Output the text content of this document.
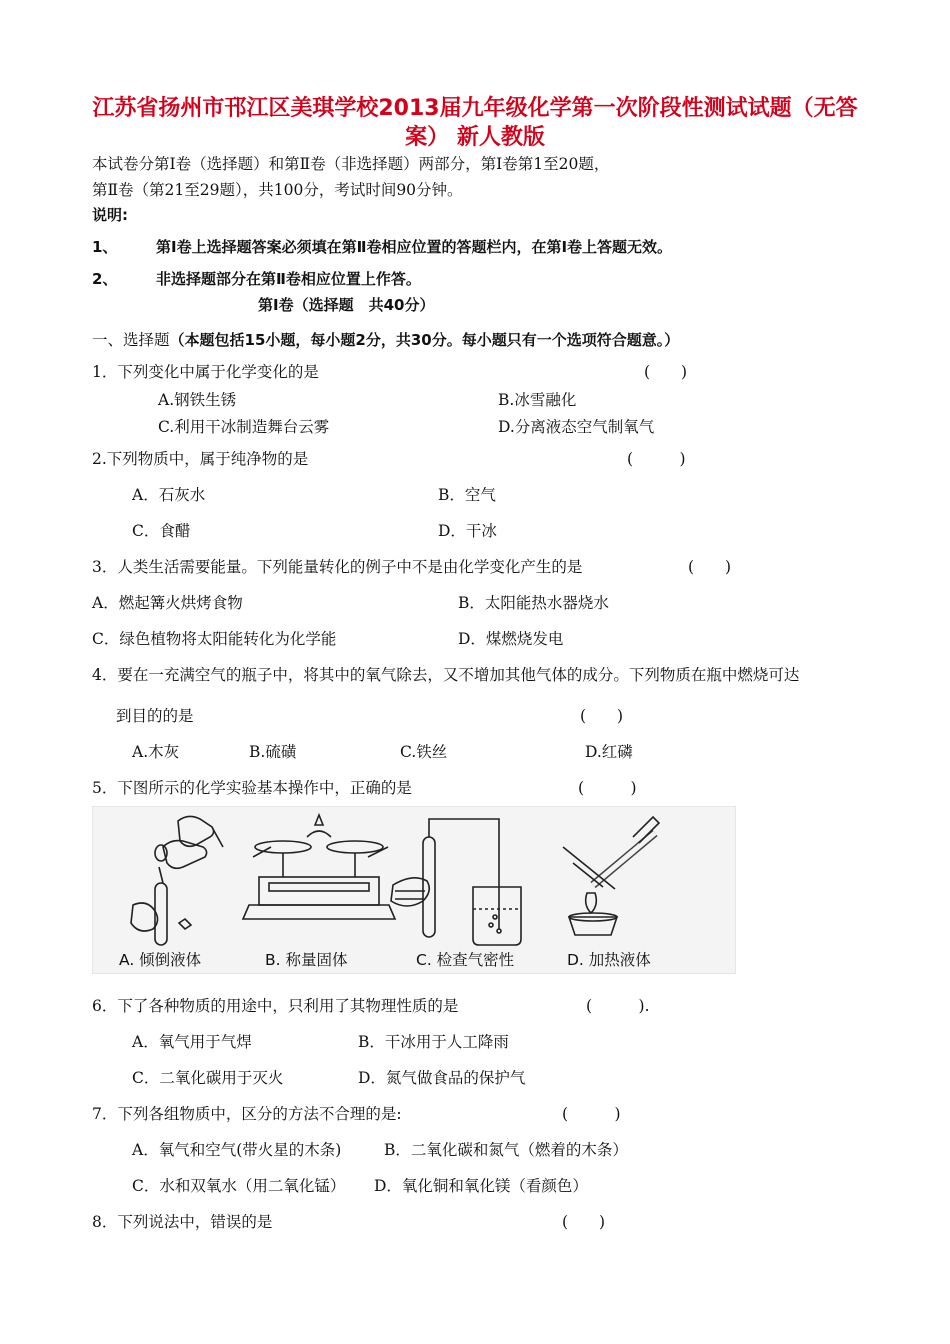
江苏省扬州市邗江区美琪学校2013届九年级化学第一次阶段性测试试题（无答
案） 新人教版
本试卷分第Ⅰ卷（选择题）和第Ⅱ卷（非选择题）两部分，第Ⅰ卷第1至20题，
第Ⅱ卷（第21至29题），共100分，考试时间90分钟。
说明:
1、	第Ⅰ卷上选择题答案必须填在第Ⅱ卷相应位置的答题栏内，在第Ⅰ卷上答题无效。
2、	非选择题部分在第Ⅱ卷相应位置上作答。
第Ⅰ卷（选择题　共40分）
一、选择题（本题包括15小题，每小题2分，共30分。每小题只有一个选项符合题意。）
1．下列变化中属于化学变化的是	(　　)
A.钢铁生锈	B.冰雪融化
C.利用干冰制造舞台云雾	D.分离液态空气制氧气
2.下列物质中，属于纯净物的是	(　　　)
A．石灰水	B．空气
C．食醋	D．干冰
3．人类生活需要能量。下列能量转化的例子中不是由化学变化产生的是	(　　)
A．燃起篝火烘烤食物	B．太阳能热水器烧水
C．绿色植物将太阳能转化为化学能	D．煤燃烧发电
4．要在一充满空气的瓶子中，将其中的氧气除去，又不增加其他气体的成分。下列物质在瓶中燃烧可达
到目的的是	(　　)
A.木灰	B.硫磺	C.铁丝	D.红磷
5．下图所示的化学实验基本操作中，正确的是	(　　　)
A. 倾倒液体	B. 称量固体	C. 检查气密性	D. 加热液体
6．下了各种物质的用途中，只利用了其物理性质的是	(　　　).
A．氧气用于气焊	B．干冰用于人工降雨
C．二氧化碳用于灭火	D．氮气做食品的保护气
7．下列各组物质中，区分的方法不合理的是:	(　　　)
A．氧气和空气(带火星的木条)	B．二氧化碳和氮气（燃着的木条）
C．水和双氧水（用二氧化锰） D．氧化铜和氧化镁（看颜色）
8．下列说法中，错误的是	(　　)
